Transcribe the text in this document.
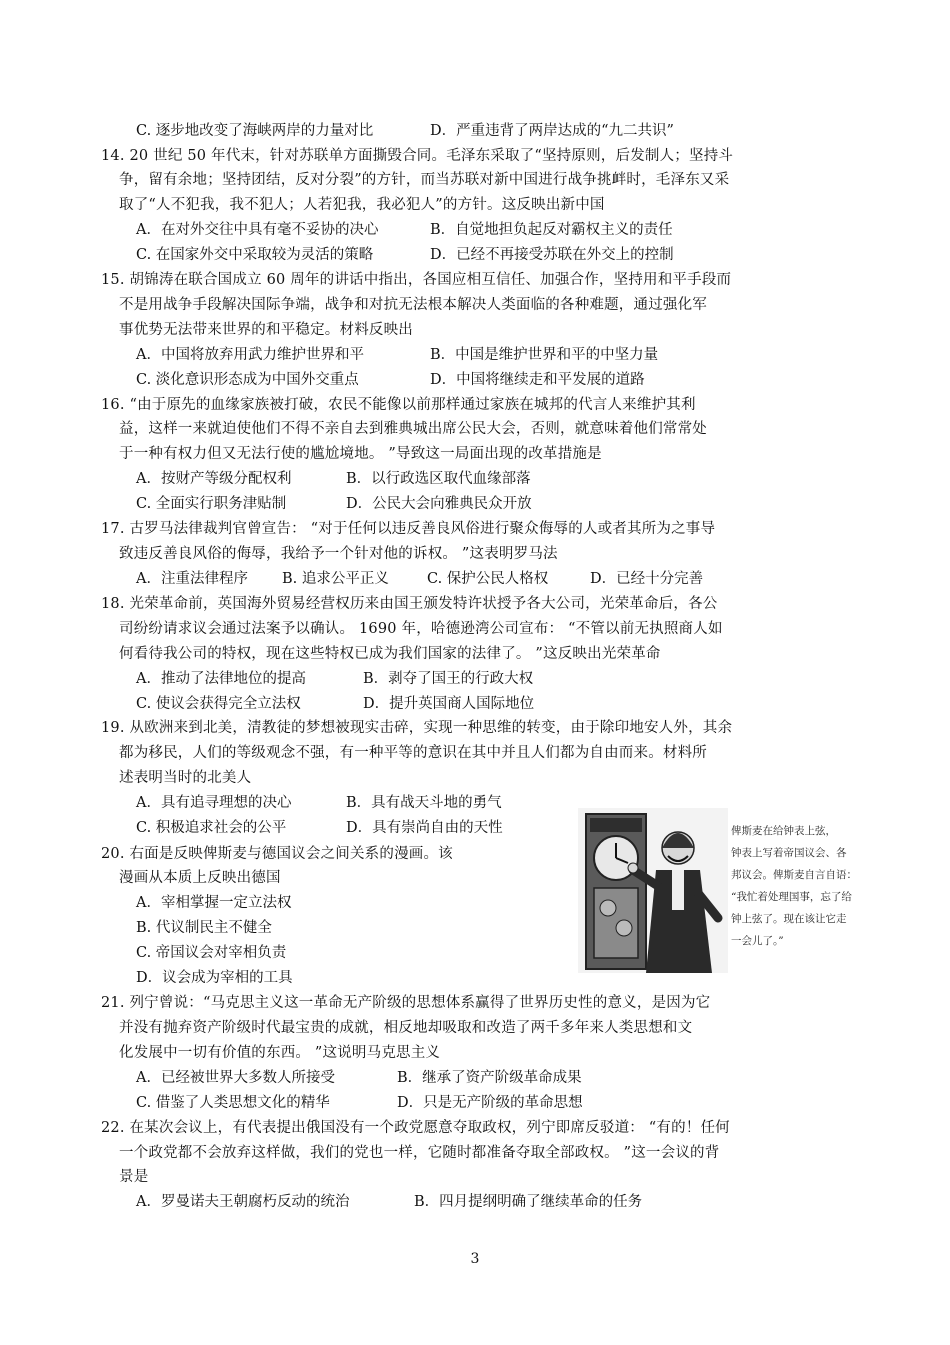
14. 20 世纪 50 年代末，针对苏联单方面撕毁合同。毛泽东采取了“坚持原则，后发制人；坚持斗
争，留有余地；坚持团结，反对分裂”的方针，而当苏联对新中国进行战争挑衅时，毛泽东又采
取了“人不犯我，我不犯人；人若犯我，我必犯人”的方针。这反映出新中国
15. 胡锦涛在联合国成立 60 周年的讲话中指出，各国应相互信任、加强合作，坚持用和平手段而
不是用战争手段解决国际争端，战争和对抗无法根本解决人类面临的各种难题，通过强化军
事优势无法带来世界的和平稳定。材料反映出
16. “由于原先的血缘家族被打破，农民不能像以前那样通过家族在城邦的代言人来维护其利
益，这样一来就迫使他们不得不亲自去到雅典城出席公民大会，否则，就意味着他们常常处
于一种有权力但又无法行使的尴尬境地。 ”导致这一局面出现的改革措施是
17. 古罗马法律裁判官曾宣告： “对于任何以违反善良风俗进行聚众侮辱的人或者其所为之事导
致违反善良风俗的侮辱，我给予一个针对他的诉权。 ”这表明罗马法
18. 光荣革命前，英国海外贸易经营权历来由国王颁发特许状授予各大公司，光荣革命后，各公
司纷纷请求议会通过法案予以确认。 1690 年，哈德逊湾公司宣布： “不管以前无执照商人如
何看待我公司的特权，现在这些特权已成为我们国家的法律了。 ”这反映出光荣革命
19. 从欧洲来到北美，清教徒的梦想被现实击碎，实现一种思维的转变，由于除印地安人外，其余
都为移民，人们的等级观念不强，有一种平等的意识在其中并且人们都为自由而来。材料所
述表明当时的北美人
20. 右面是反映俾斯麦与德国议会之间关系的漫画。该
漫画从本质上反映出德国
21. 列宁曾说：“马克思主义这一革命无产阶级的思想体系赢得了世界历史性的意义，是因为它
并没有抛弃资产阶级时代最宝贵的成就，相反地却吸取和改造了两千多年来人类思想和文
化发展中一切有价值的东西。 ”这说明马克思主义
22. 在某次会议上，有代表提出俄国没有一个政党愿意夺取政权，列宁即席反驳道： “有的！任何
一个政党都不会放弃这样做，我们的党也一样，它随时都准备夺取全部政权。 ”这一会议的背
景是
C. 逐步地改变了海峡两岸的力量对比	D．严重违背了两岸达成的“九二共识”
A．在对外交往中具有毫不妥协的决心	B．自觉地担负起反对霸权主义的责任
C. 在国家外交中采取较为灵活的策略	D．已经不再接受苏联在外交上的控制
A．中国将放弃用武力维护世界和平	B．中国是维护世界和平的中坚力量
C. 淡化意识形态成为中国外交重点	D．中国将继续走和平发展的道路
A．按财产等级分配权利	B．以行政选区取代血缘部落
C. 全面实行职务津贴制	D．公民大会向雅典民众开放
A．注重法律程序 B. 追求公平正义	C. 保护公民人格权	D．已经十分完善
A．推动了法律地位的提高	B．剥夺了国王的行政大权
C. 使议会获得完全立法权	D．提升英国商人国际地位
A．具有追寻理想的决心	B．具有战天斗地的勇气
C. 积极追求社会的公平	D．具有崇尚自由的天性
A．宰相掌握一定立法权
B. 代议制民主不健全
C. 帝国议会对宰相负责
D．议会成为宰相的工具
A．已经被世界大多数人所接受	B．继承了资产阶级革命成果
C. 借鉴了人类思想文化的精华	D．只是无产阶级的革命思想
A．罗曼诺夫王朝腐朽反动的统治	B．四月提纲明确了继续革命的任务
俾斯麦在给钟表上弦，
钟表上写着帝国议会、各
邦议会。俾斯麦自言自语：
“我忙着处理国事，忘了给
钟上弦了。现在该让它走
一会儿了。”
3
